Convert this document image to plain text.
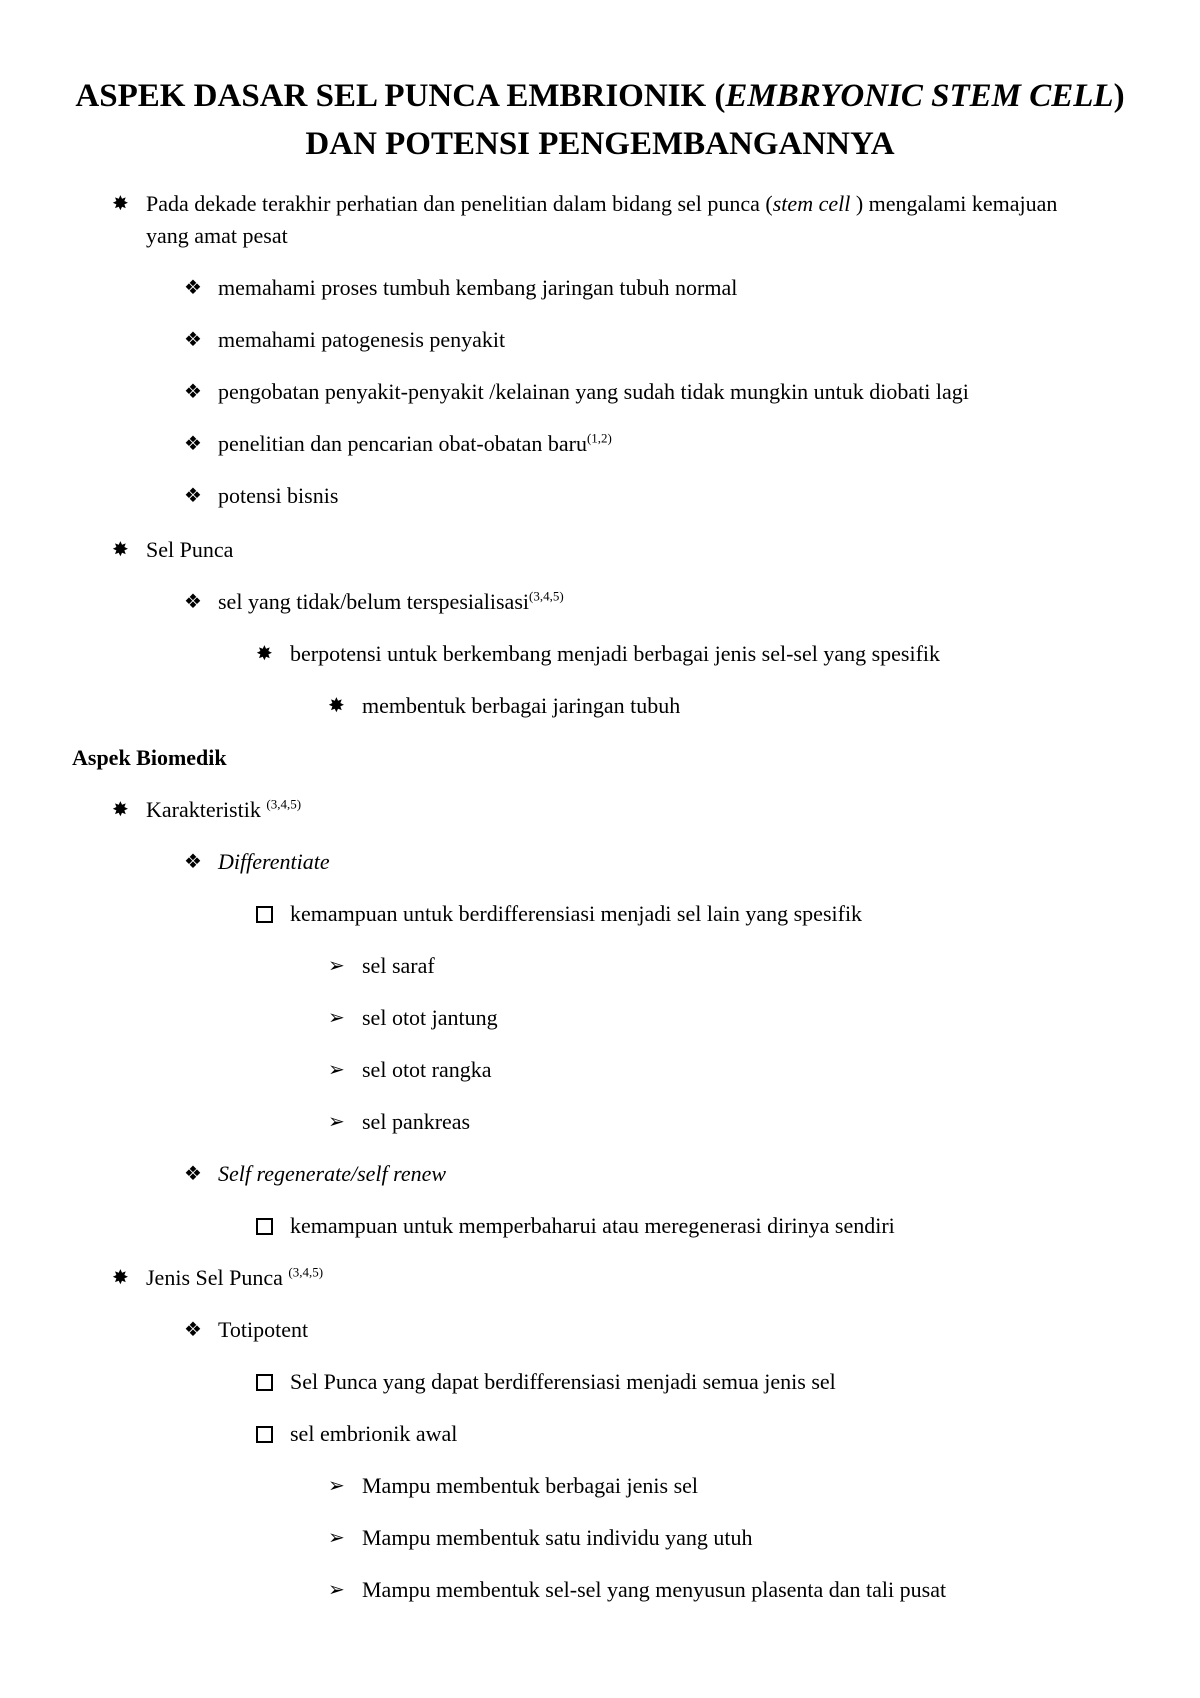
ASPEK DASAR SEL PUNCA EMBRIONIK (EMBRYONIC STEM CELL) DAN POTENSI PENGEMBANGANNYA
✸ Pada dekade terakhir perhatian dan penelitian dalam bidang sel punca (stem cell ) mengalami kemajuan yang amat pesat
❖ memahami proses tumbuh kembang jaringan tubuh normal
❖ memahami patogenesis penyakit
❖ pengobatan penyakit-penyakit /kelainan yang sudah tidak mungkin untuk diobati lagi
❖ penelitian dan pencarian obat-obatan baru$^{(1,2)}$
❖ potensi bisnis
✸ Sel Punca
❖ sel yang tidak/belum terspesialisasi$^{(3,4,5)}$
✸ berpotensi untuk berkembang menjadi berbagai jenis sel-sel yang spesifik
✸ membentuk berbagai jaringan tubuh
Aspek Biomedik
✸ Karakteristik $^{(3,4,5)}$
❖ Differentiate
kemampuan untuk berdifferensiasi menjadi sel lain yang spesifik
➢ sel saraf
➢ sel otot jantung
➢ sel otot rangka
➢ sel pankreas
❖ Self regenerate/self renew
kemampuan untuk memperbaharui atau meregenerasi dirinya sendiri
✸ Jenis Sel Punca $^{(3,4,5)}$
❖ Totipotent
Sel Punca yang dapat berdifferensiasi menjadi semua jenis sel
sel embrionik awal
➢ Mampu membentuk berbagai jenis sel
➢ Mampu membentuk satu individu yang utuh
➢ Mampu membentuk sel-sel yang menyusun plasenta dan tali pusat
